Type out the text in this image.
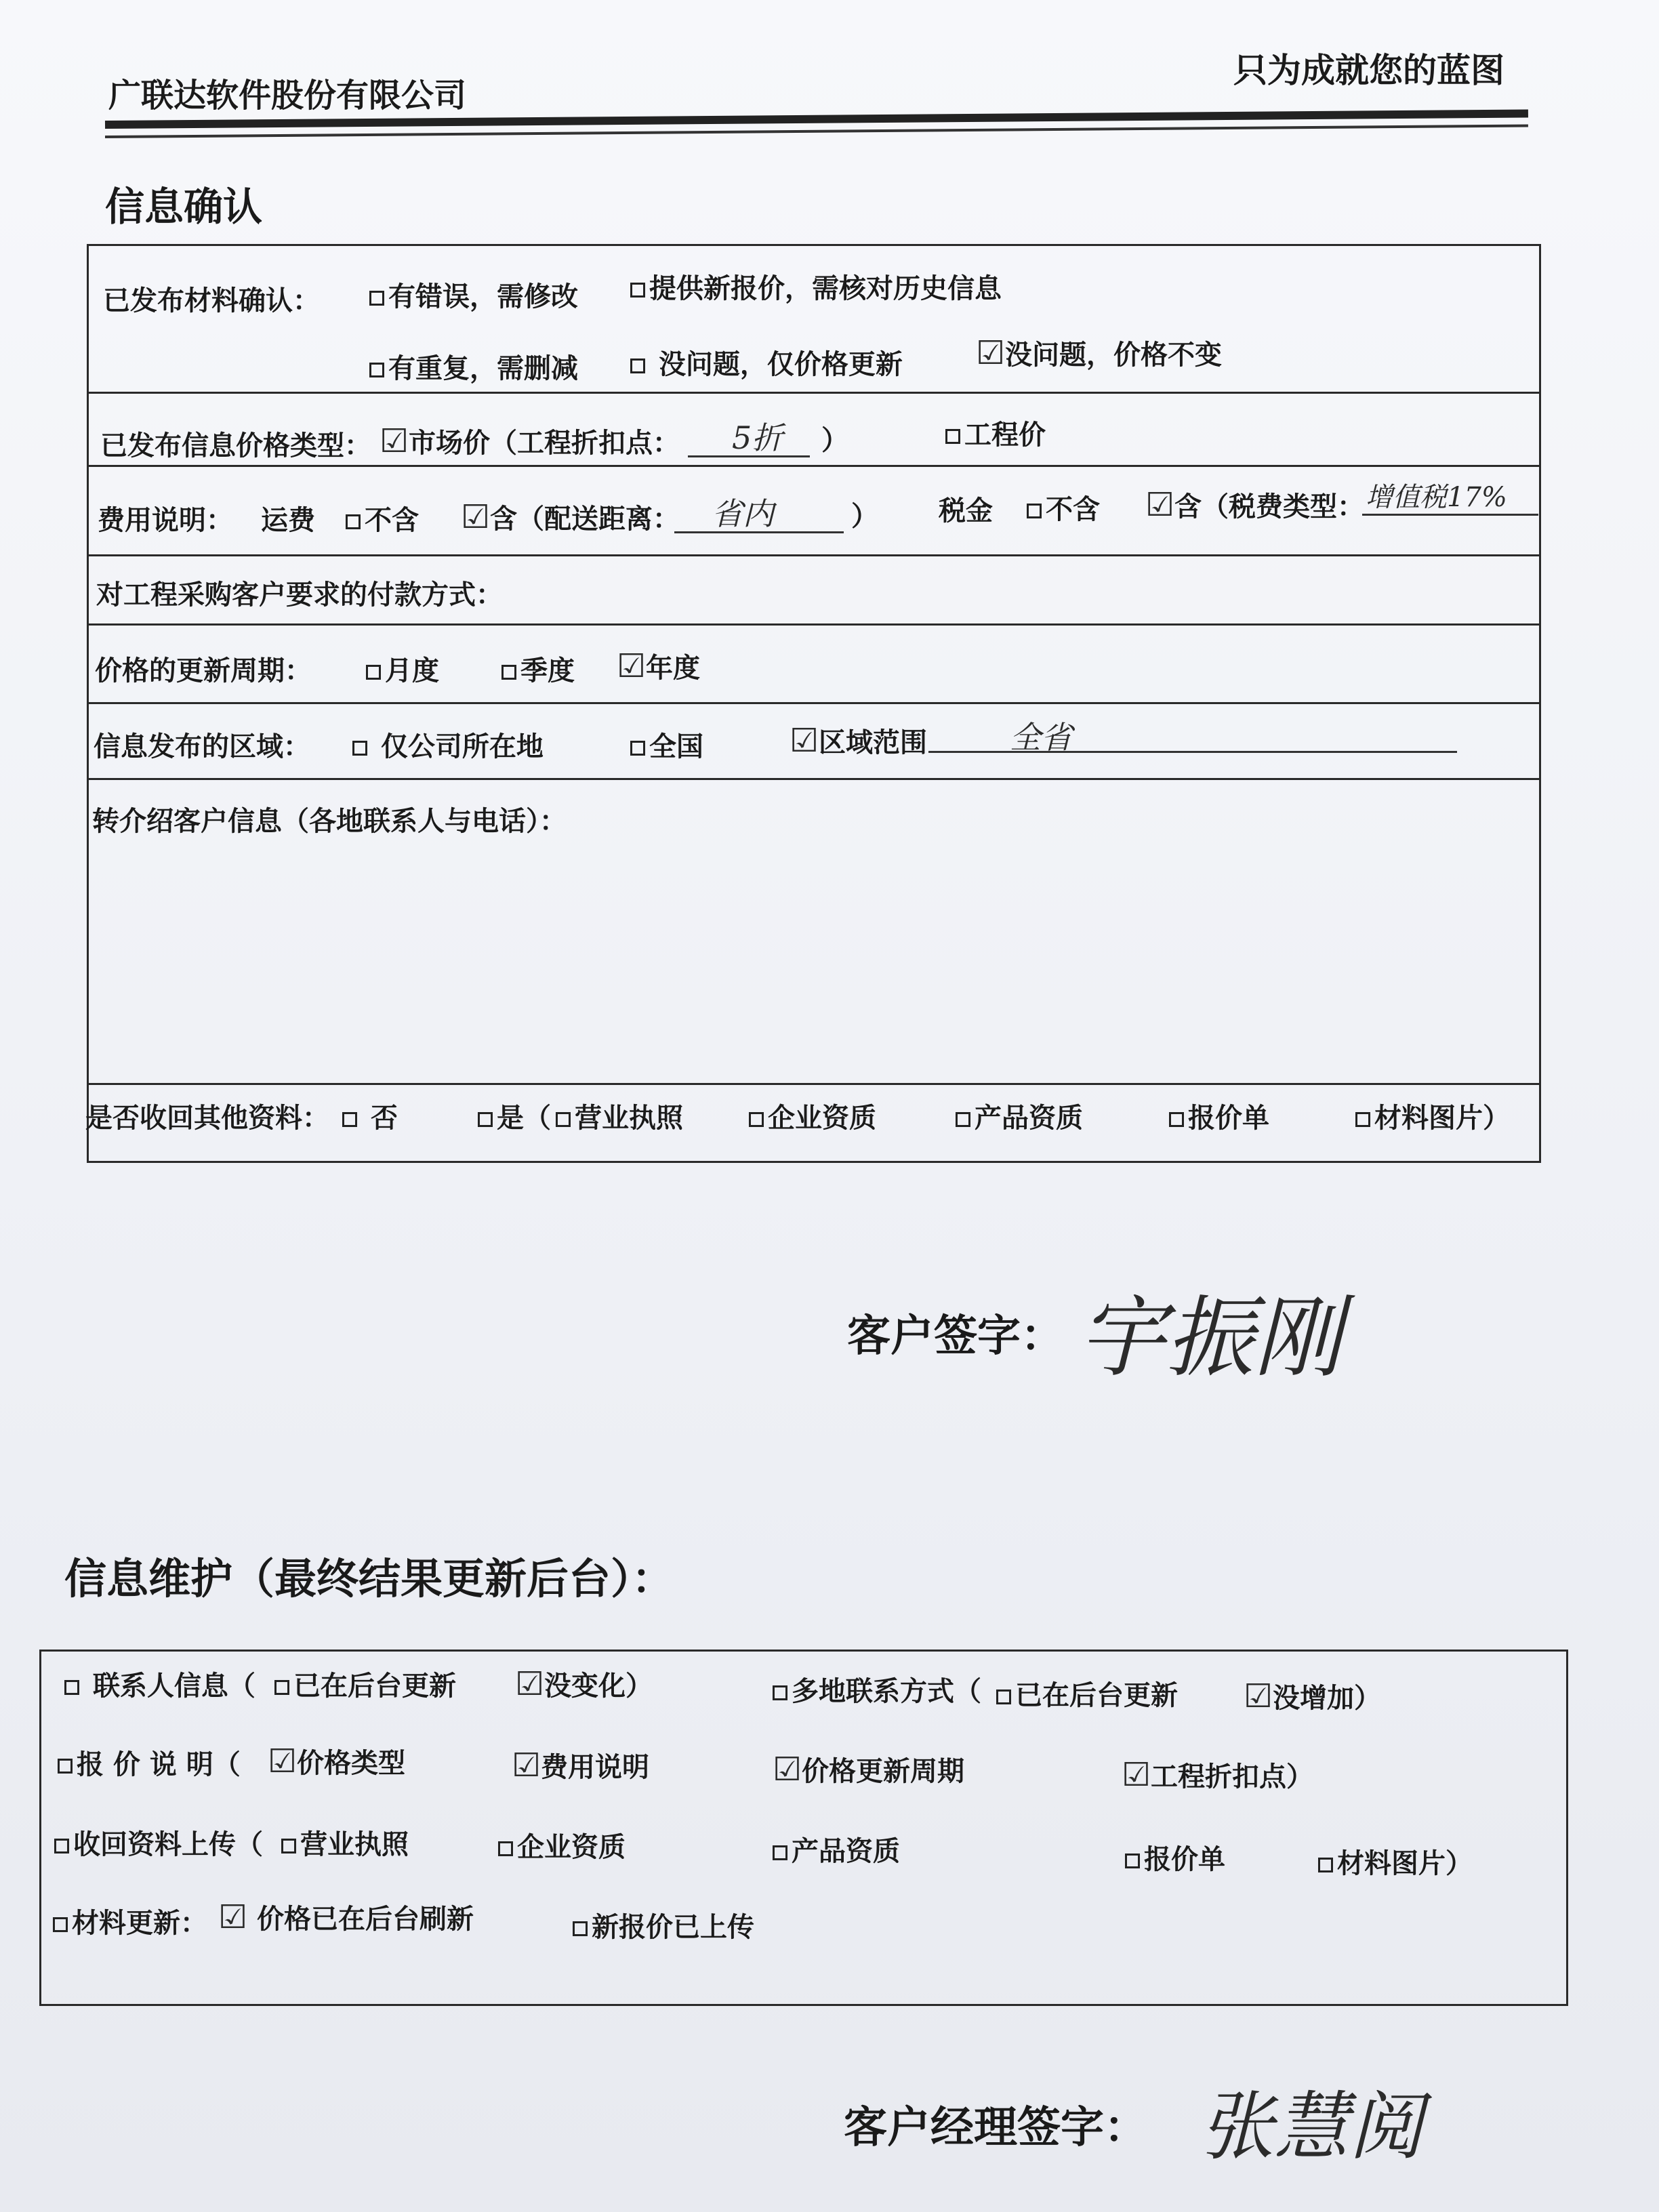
广联达软件股份有限公司
只为成就您的蓝图
信息确认
已发布材料确认：	有错误，需修改	提供新报价，需核对历史信息
有重复，需删减	没问题，仅价格更新 ☑没问题，价格不变
已发布信息价格类型： ☑市场价（工程折扣点： 5折 ）	工程价
费用说明： 运费	不含 ☑含（配送距离： 省内	） 税金	不含 ☑含（税费类型： 增值税17%
对工程采购客户要求的付款方式：
价格的更新周期：	月度	季度 ☑年度
信息发布的区域：	仅公司所在地	全国	☑区域范围	全省
转介绍客户信息（各地联系人与电话）：
是否收回其他资料：	否	是（ 营业执照	企业资质	产品资质	报价单	材料图片）
客户签字： 宇振刚
信息维护（最终结果更新后台）：
联系人信息（	已在后台更新 ☑没变化）	多地联系方式（	已在后台更新 ☑没增加）
报 价 说 明（ ☑价格类型	☑费用说明	☑价格更新周期	☑工程折扣点）
收回资料上传（	营业执照	企业资质	产品资质	报价单	材料图片）
材料更新： ☑ 价格已在后台刷新	新报价已上传
客户经理签字： 张慧阅
